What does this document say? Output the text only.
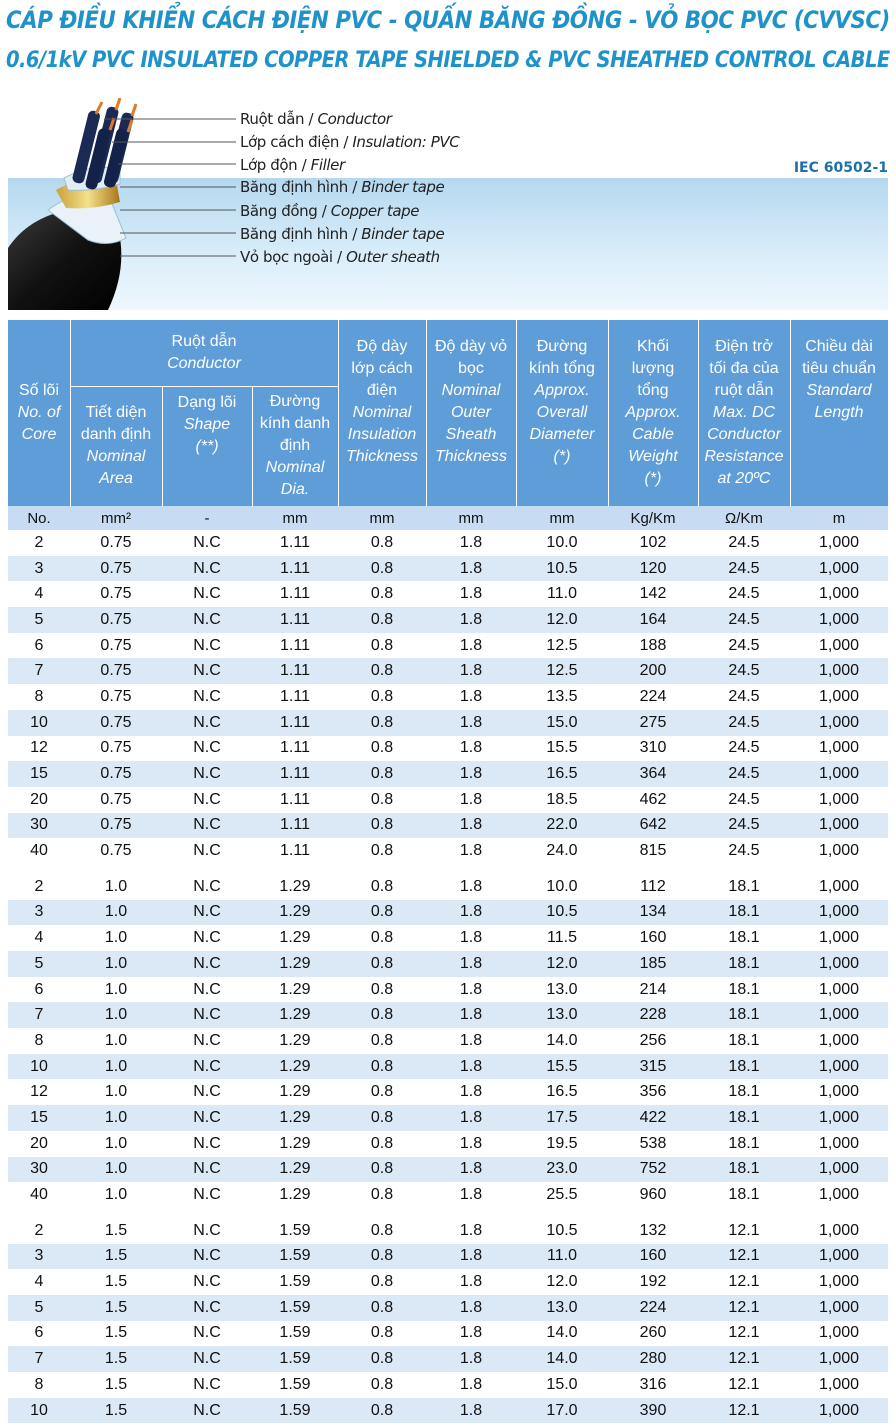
CÁP ĐIỀU KHIỂN CÁCH ĐIỆN PVC - QUẤN BĂNG ĐỒNG - VỎ BỌC PVC (CVVSC)
0.6/1kV PVC INSULATED COPPER TAPE SHIELDED & PVC SHEATHED CONTROL CABLE
Ruột dẫn / Conductor
Lớp cách điện / Insulation: PVC
Lớp độn / Filler
Băng định hình / Binder tape
Băng đồng / Copper tape
Băng định hình / Binder tape
Vỏ bọc ngoài / Outer sheath
IEC 60502-1
Số lõi
No. of
Core
Ruột dẫn
Conductor
Tiết diện
danh định
Nominal
Area
Dạng lõi
Shape
(**)
Đường
kính danh
định
Nominal
Dia.
Độ dày
lớp cách
điện
Nominal
Insulation
Thickness
Độ dày vỏ
bọc
Nominal
Outer
Sheath
Thickness
Đường
kính tổng
Approx.
Overall
Diameter
(*)
Khối
lượng
tổng
Approx.
Cable
Weight
(*)
Điện trở
tối đa của
ruột dẫn
Max. DC
Conductor
Resistance
at 20ºC
Chiều dài
tiêu chuẩn
Standard
Length
No.	mm²	-	mm	mm	mm	mm	Kg/Km	Ω/Km	m
2	0.75	N.C	1.11	0.8	1.8	10.0	102	24.5	1,000
3	0.75	N.C	1.11	0.8	1.8	10.5	120	24.5	1,000
4	0.75	N.C	1.11	0.8	1.8	11.0	142	24.5	1,000
5	0.75	N.C	1.11	0.8	1.8	12.0	164	24.5	1,000
6	0.75	N.C	1.11	0.8	1.8	12.5	188	24.5	1,000
7	0.75	N.C	1.11	0.8	1.8	12.5	200	24.5	1,000
8	0.75	N.C	1.11	0.8	1.8	13.5	224	24.5	1,000
10	0.75	N.C	1.11	0.8	1.8	15.0	275	24.5	1,000
12	0.75	N.C	1.11	0.8	1.8	15.5	310	24.5	1,000
15	0.75	N.C	1.11	0.8	1.8	16.5	364	24.5	1,000
20	0.75	N.C	1.11	0.8	1.8	18.5	462	24.5	1,000
30	0.75	N.C	1.11	0.8	1.8	22.0	642	24.5	1,000
40	0.75	N.C	1.11	0.8	1.8	24.0	815	24.5	1,000
2	1.0	N.C	1.29	0.8	1.8	10.0	112	18.1	1,000
3	1.0	N.C	1.29	0.8	1.8	10.5	134	18.1	1,000
4	1.0	N.C	1.29	0.8	1.8	11.5	160	18.1	1,000
5	1.0	N.C	1.29	0.8	1.8	12.0	185	18.1	1,000
6	1.0	N.C	1.29	0.8	1.8	13.0	214	18.1	1,000
7	1.0	N.C	1.29	0.8	1.8	13.0	228	18.1	1,000
8	1.0	N.C	1.29	0.8	1.8	14.0	256	18.1	1,000
10	1.0	N.C	1.29	0.8	1.8	15.5	315	18.1	1,000
12	1.0	N.C	1.29	0.8	1.8	16.5	356	18.1	1,000
15	1.0	N.C	1.29	0.8	1.8	17.5	422	18.1	1,000
20	1.0	N.C	1.29	0.8	1.8	19.5	538	18.1	1,000
30	1.0	N.C	1.29	0.8	1.8	23.0	752	18.1	1,000
40	1.0	N.C	1.29	0.8	1.8	25.5	960	18.1	1,000
2	1.5	N.C	1.59	0.8	1.8	10.5	132	12.1	1,000
3	1.5	N.C	1.59	0.8	1.8	11.0	160	12.1	1,000
4	1.5	N.C	1.59	0.8	1.8	12.0	192	12.1	1,000
5	1.5	N.C	1.59	0.8	1.8	13.0	224	12.1	1,000
6	1.5	N.C	1.59	0.8	1.8	14.0	260	12.1	1,000
7	1.5	N.C	1.59	0.8	1.8	14.0	280	12.1	1,000
8	1.5	N.C	1.59	0.8	1.8	15.0	316	12.1	1,000
10	1.5	N.C	1.59	0.8	1.8	17.0	390	12.1	1,000
